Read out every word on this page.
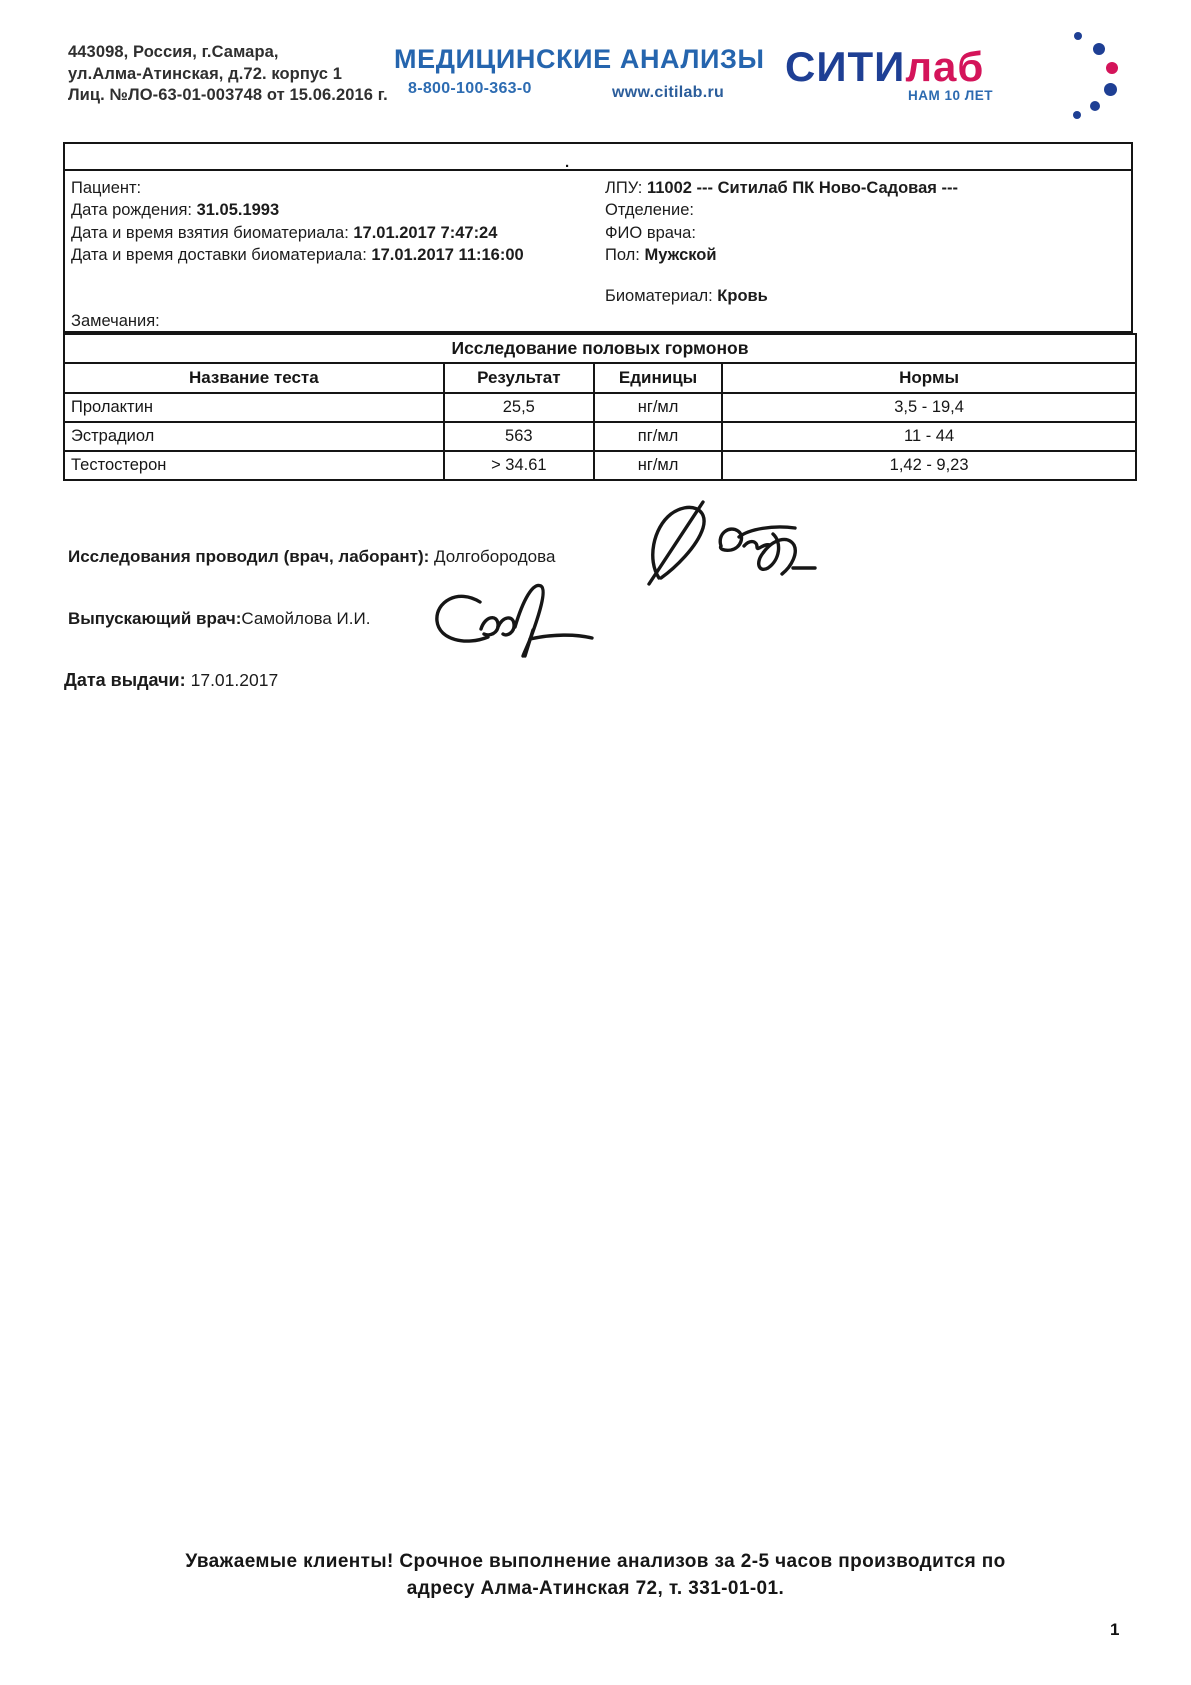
443098, Россия, г.Самара,
ул.Алма-Атинская, д.72. корпус 1
Лиц. №ЛО-63-01-003748 от 15.06.2016 г.
МЕДИЦИНСКИЕ АНАЛИЗЫ
8-800-100-363-0	www.citilab.ru
СИТИлаб
НАМ 10 ЛЕТ
.
Пациент:
Дата рождения: 31.05.1993
Дата и время взятия биоматериала: 17.01.2017 7:47:24
Дата и время доставки биоматериала: 17.01.2017 11:16:00
ЛПУ: 11002 --- Ситилаб ПК Ново-Садовая ---
Отделение:
ФИО врача:
Пол: Мужской
Биоматериал: Кровь
Замечания:
Исследование половых гормонов			
Название теста	Результат	Единицы	Нормы
Пролактин	25,5	нг/мл	3,5 - 19,4
Эстрадиол	563	пг/мл	11 - 44
Тестостерон	> 34.61	нг/мл	1,42 - 9,23
Исследования проводил (врач, лаборант): Долгобородова
Выпускающий врач:Самойлова И.И.
Дата выдачи: 17.01.2017
Уважаемые клиенты! Срочное выполнение анализов за 2-5 часов производится по
адресу Алма-Атинская 72, т. 331-01-01.
1
